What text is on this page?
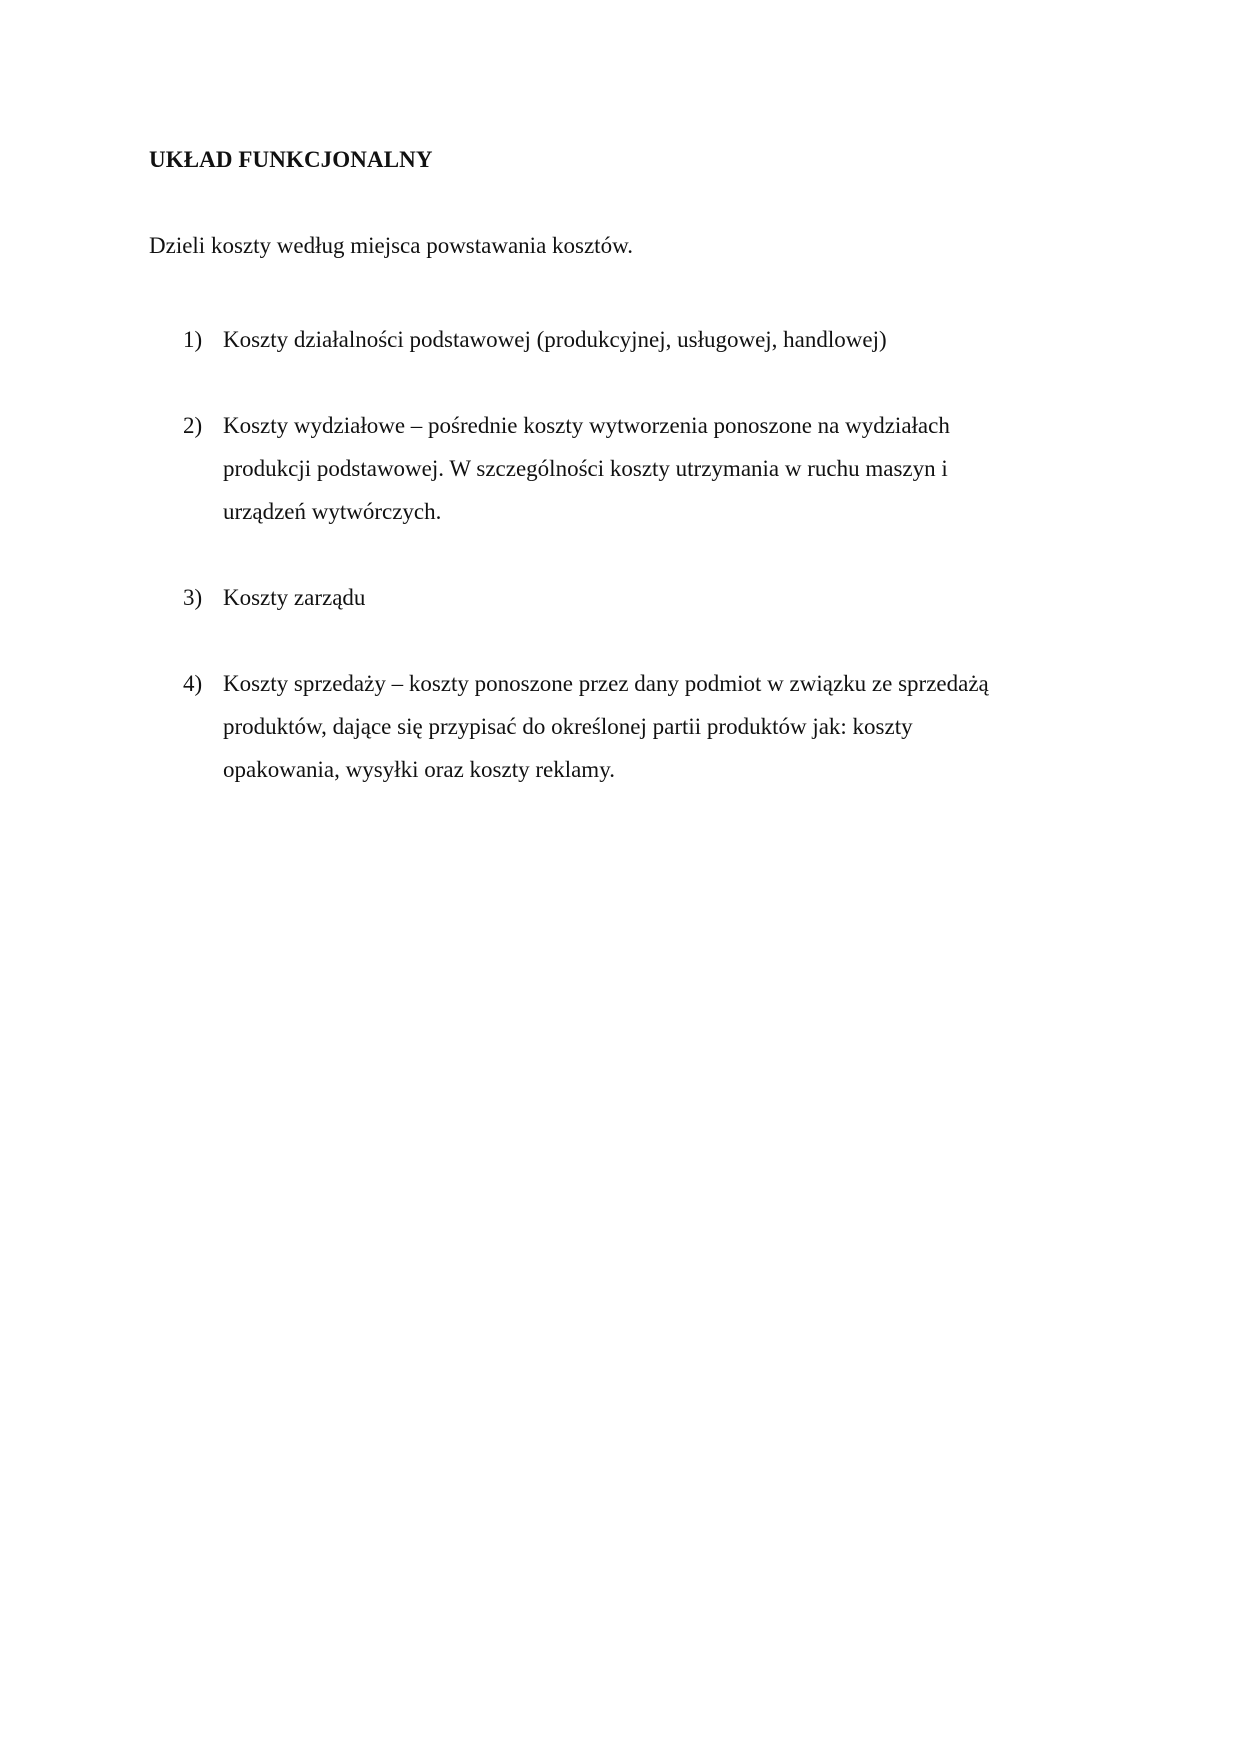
UKŁAD FUNKCJONALNY

Dzieli koszty według miejsca powstawania kosztów.

1) Koszty działalności podstawowej (produkcyjnej, usługowej, handlowej)
2) Koszty wydziałowe – pośrednie koszty wytworzenia ponoszone na wydziałach
produkcji podstawowej. W szczególności koszty utrzymania w ruchu maszyn i
urządzeń wytwórczych.
3) Koszty zarządu
4) Koszty sprzedaży – koszty ponoszone przez dany podmiot w związku ze sprzedażą
produktów, dające się przypisać do określonej partii produktów jak: koszty
opakowania, wysyłki oraz koszty reklamy.
